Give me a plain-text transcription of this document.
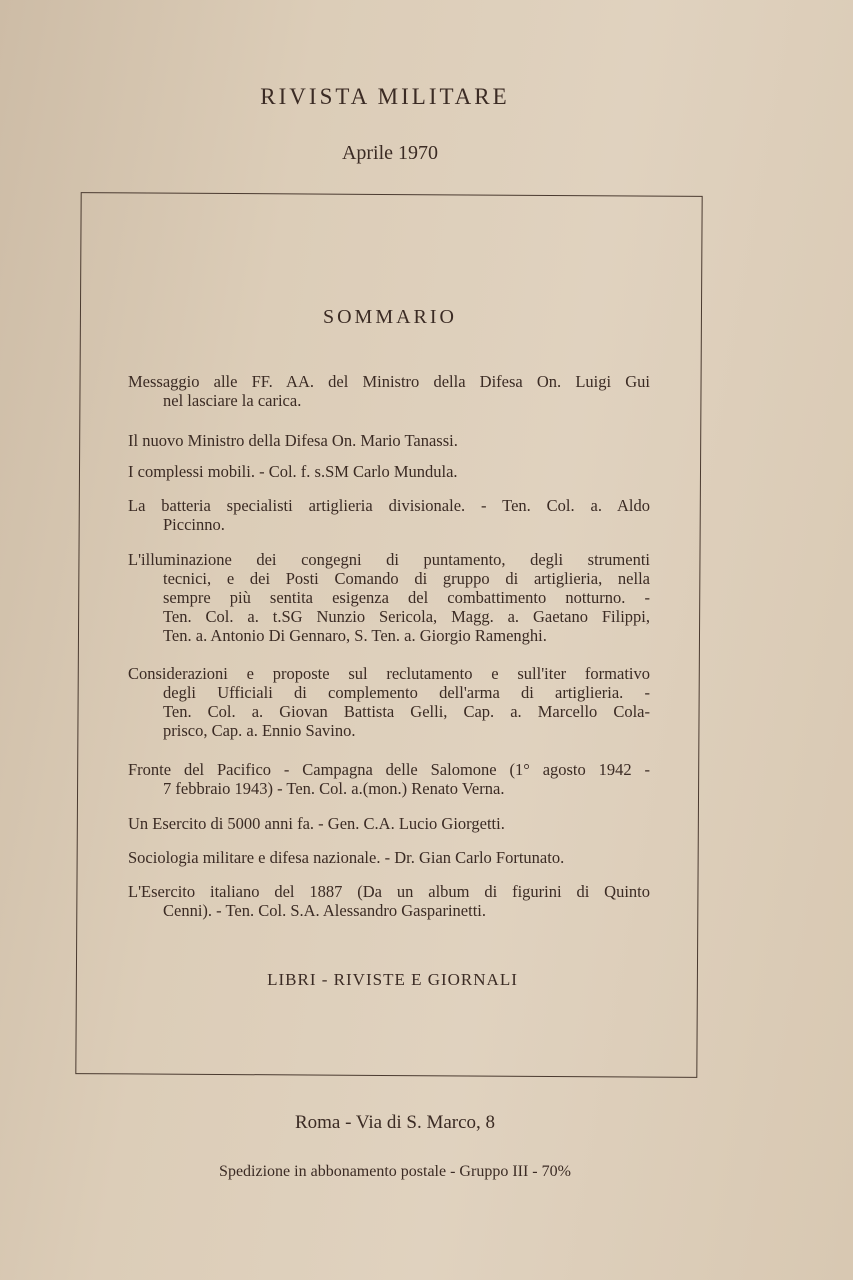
RIVISTA MILITARE
Aprile 1970
SOMMARIO
Messaggio alle FF. AA. del Ministro della Difesa On. Luigi Gui
nel lasciare la carica.
Il nuovo Ministro della Difesa On. Mario Tanassi.
I complessi mobili. - Col. f. s.SM Carlo Mundula.
La batteria specialisti artiglieria divisionale. - Ten. Col. a. Aldo
Piccinno.
L'illuminazione dei congegni di puntamento, degli strumenti
tecnici, e dei Posti Comando di gruppo di artiglieria, nella
sempre più sentita esigenza del combattimento notturno. -
Ten. Col. a. t.SG Nunzio Sericola, Magg. a. Gaetano Filippi,
Ten. a. Antonio Di Gennaro, S. Ten. a. Giorgio Ramenghi.
Considerazioni e proposte sul reclutamento e sull'iter formativo
degli Ufficiali di complemento dell'arma di artiglieria. -
Ten. Col. a. Giovan Battista Gelli, Cap. a. Marcello Cola-
prisco, Cap. a. Ennio Savino.
Fronte del Pacifico - Campagna delle Salomone (1° agosto 1942 -
7 febbraio 1943) - Ten. Col. a.(mon.) Renato Verna.
Un Esercito di 5000 anni fa. - Gen. C.A. Lucio Giorgetti.
Sociologia militare e difesa nazionale. - Dr. Gian Carlo Fortunato.
L'Esercito italiano del 1887 (Da un album di figurini di Quinto
Cenni). - Ten. Col. S.A. Alessandro Gasparinetti.
LIBRI - RIVISTE E GIORNALI
Roma - Via di S. Marco, 8
Spedizione in abbonamento postale - Gruppo III - 70%
